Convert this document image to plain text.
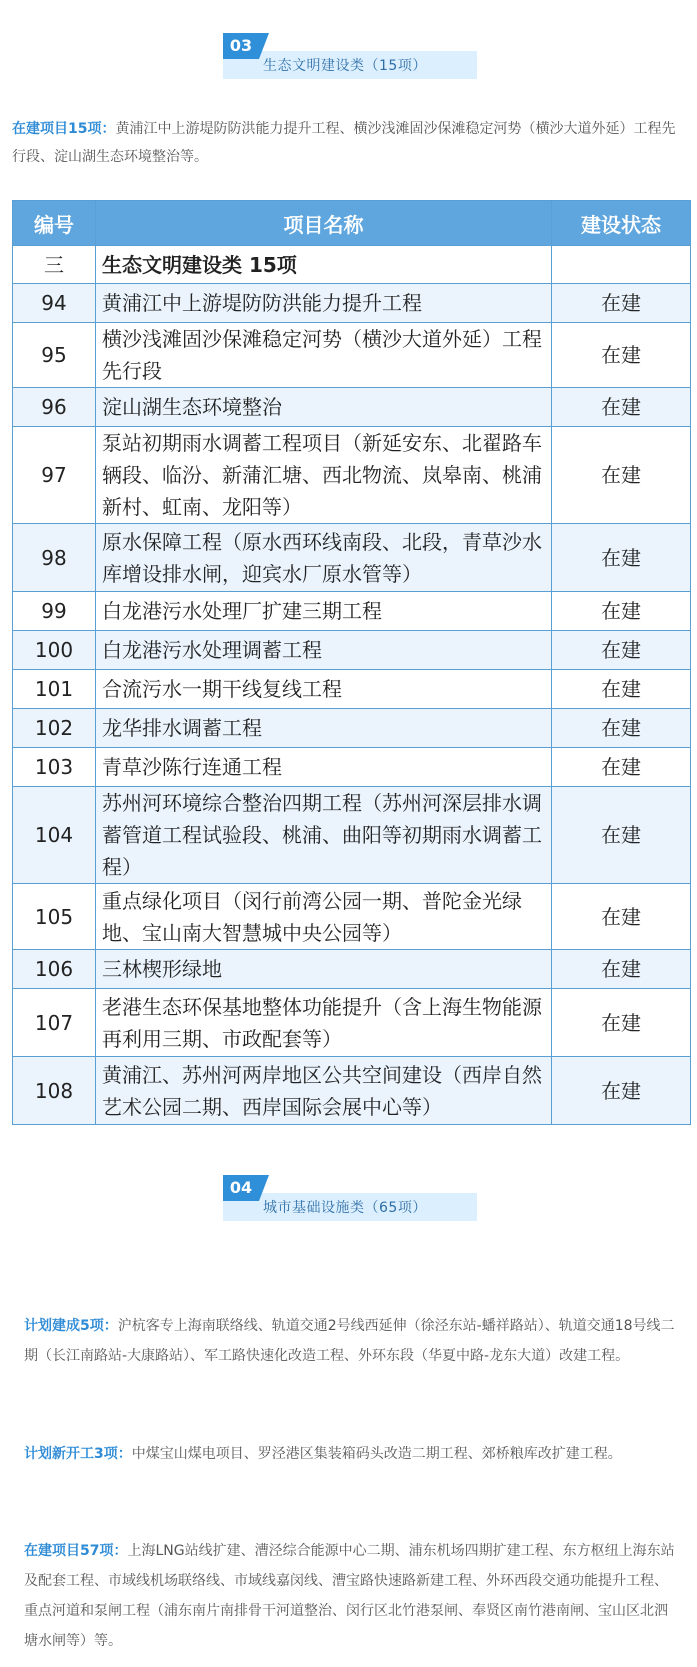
03
生态文明建设类（15项）
在建项目15项：黄浦江中上游堤防防洪能力提升工程、横沙浅滩固沙保滩稳定河势（横沙大道外延）工程先行段、淀山湖生态环境整治等。
编号	项目名称	建设状态
三	生态文明建设类 15项	
94	黄浦江中上游堤防防洪能力提升工程	在建
95	横沙浅滩固沙保滩稳定河势（横沙大道外延）工程先行段	在建
96	淀山湖生态环境整治	在建
97	泵站初期雨水调蓄工程项目（新延安东、北翟路车辆段、临汾、新蒲汇塘、西北物流、岚皋南、桃浦新村、虹南、龙阳等）	在建
98	原水保障工程（原水西环线南段、北段，青草沙水库增设排水闸，迎宾水厂原水管等）	在建
99	白龙港污水处理厂扩建三期工程	在建
100	白龙港污水处理调蓄工程	在建
101	合流污水一期干线复线工程	在建
102	龙华排水调蓄工程	在建
103	青草沙陈行连通工程	在建
104	苏州河环境综合整治四期工程（苏州河深层排水调蓄管道工程试验段、桃浦、曲阳等初期雨水调蓄工程）	在建
105	重点绿化项目（闵行前湾公园一期、普陀金光绿地、宝山南大智慧城中央公园等）	在建
106	三林楔形绿地	在建
107	老港生态环保基地整体功能提升（含上海生物能源再利用三期、市政配套等）	在建
108	黄浦江、苏州河两岸地区公共空间建设（西岸自然艺术公园二期、西岸国际会展中心等）	在建
04
城市基础设施类（65项）
计划建成5项：沪杭客专上海南联络线、轨道交通2号线西延伸（徐泾东站-蟠祥路站）、轨道交通18号线二期（长江南路站-大康路站）、军工路快速化改造工程、外环东段（华夏中路-龙东大道）改建工程。
计划新开工3项：中煤宝山煤电项目、罗泾港区集装箱码头改造二期工程、郊桥粮库改扩建工程。
在建项目57项：上海LNG站线扩建、漕泾综合能源中心二期、浦东机场四期扩建工程、东方枢纽上海东站及配套工程、市域线机场联络线、市域线嘉闵线、漕宝路快速路新建工程、外环西段交通功能提升工程、重点河道和泵闸工程（浦东南片南排骨干河道整治、闵行区北竹港泵闸、奉贤区南竹港南闸、宝山区北泗塘水闸等）等。
